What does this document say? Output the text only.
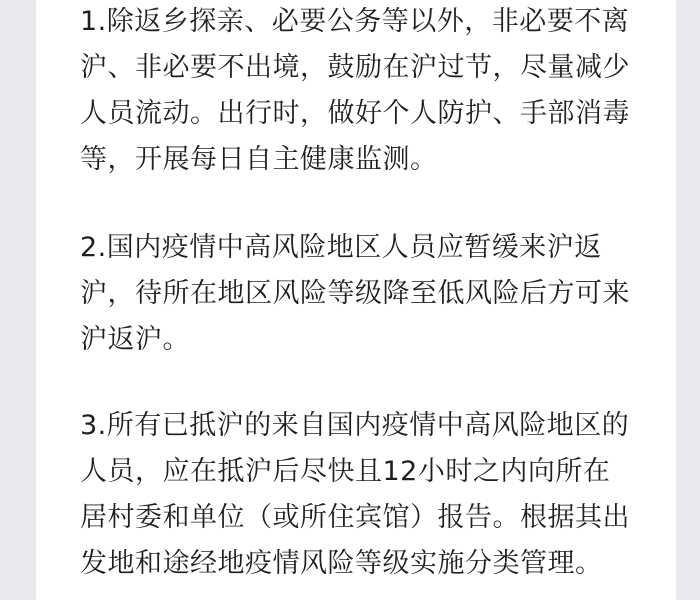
1.除返乡探亲、必要公务等以外，非必要不离
沪、非必要不出境，鼓励在沪过节，尽量减少
人员流动。出行时，做好个人防护、手部消毒
等，开展每日自主健康监测。

2.国内疫情中高风险地区人员应暂缓来沪返
沪，待所在地区风险等级降至低风险后方可来
沪返沪。

3.所有已抵沪的来自国内疫情中高风险地区的
人员，应在抵沪后尽快且12小时之内向所在
居村委和单位（或所住宾馆）报告。根据其出
发地和途经地疫情风险等级实施分类管理。
